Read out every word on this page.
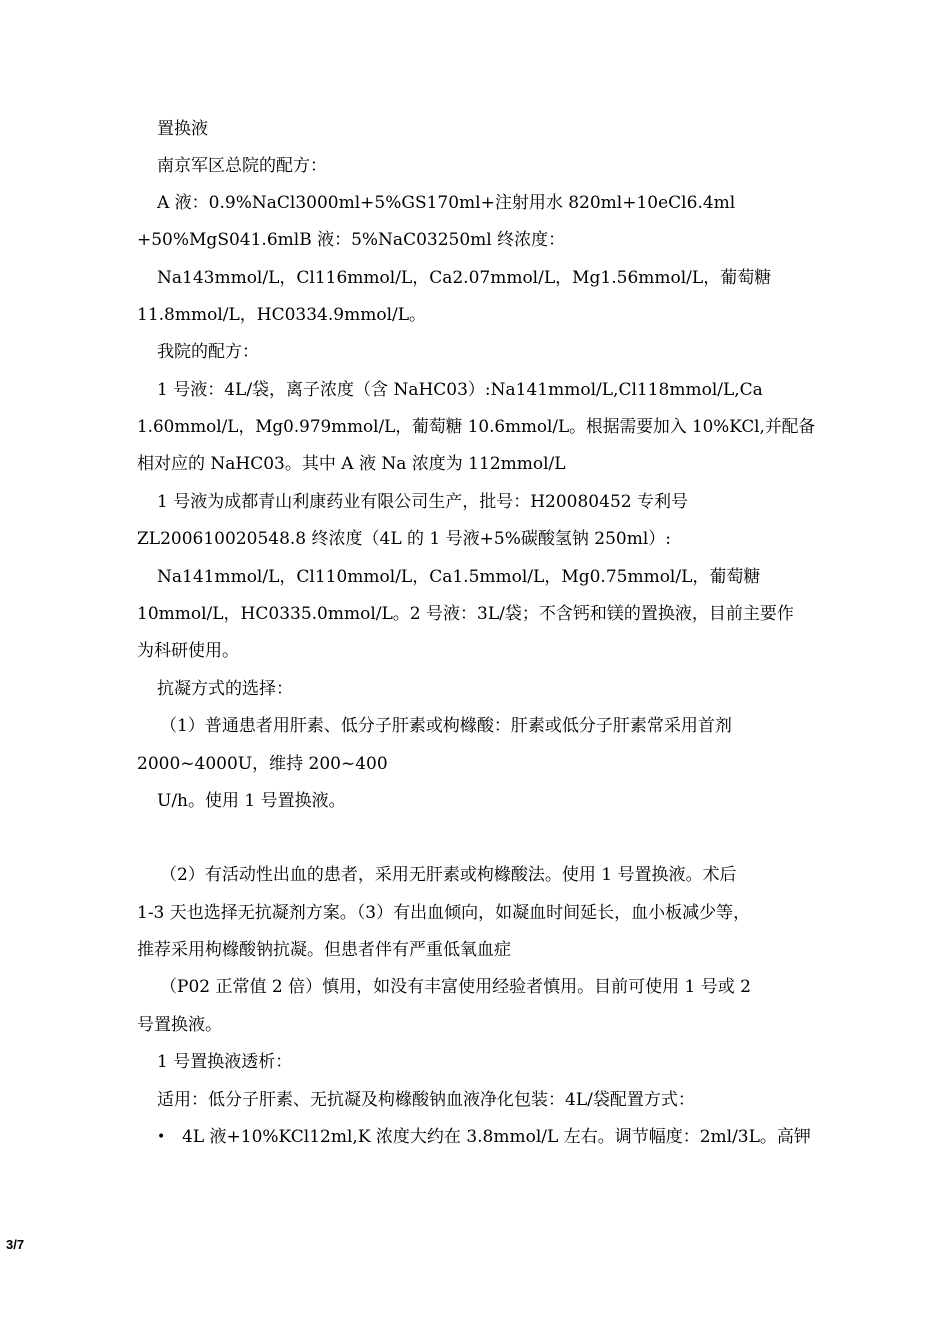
置换液
南京军区总院的配方：
A 液：0.9%NaCl3000ml+5%GS170ml+注射用水 820ml+10eCl6.4ml
+50%MgS041.6mlB 液：5%NaC03250ml 终浓度：
Na143mmol/L，Cl116mmol/L，Ca2.07mmol/L，Mg1.56mmol/L，葡萄糖
11.8mmol/L，HC0334.9mmol/L。
我院的配方：
1 号液：4L/袋，离子浓度（含 NaHC03）:Na141mmol/L,Cl118mmol/L,Ca
1.60mmol/L，Mg0.979mmol/L，葡萄糖 10.6mmol/L。根据需要加入 10%KCl,并配备
相对应的 NaHC03。其中 A 液 Na 浓度为 112mmol/L
1 号液为成都青山利康药业有限公司生产，批号：H20080452 专利号
ZL200610020548.8 终浓度（4L 的 1 号液+5%碳酸氢钠 250ml）:
Na141mmol/L，Cl110mmol/L，Ca1.5mmol/L，Mg0.75mmol/L，葡萄糖
10mmol/L，HC0335.0mmol/L。2 号液：3L/袋；不含钙和镁的置换液，目前主要作
为科研使用。
抗凝方式的选择：
（1）普通患者用肝素、低分子肝素或枸橼酸：肝素或低分子肝素常采用首剂
2000~4000U，维持 200~400
U/h。使用 1 号置换液。
（2）有活动性出血的患者，采用无肝素或枸橼酸法。使用 1 号置换液。术后
1-3 天也选择无抗凝剂方案。（3）有出血倾向，如凝血时间延长，血小板减少等，
推荐采用枸橼酸钠抗凝。但患者伴有严重低氧血症
（P02 正常值 2 倍）慎用，如没有丰富使用经验者慎用。目前可使用 1 号或 2
号置换液。
1 号置换液透析：
适用：低分子肝素、无抗凝及枸橼酸钠血液净化包装：4L/袋配置方式：
• 4L 液+10%KCl12ml,K 浓度大约在 3.8mmol/L 左右。调节幅度：2ml/3L。高钾
3/7
